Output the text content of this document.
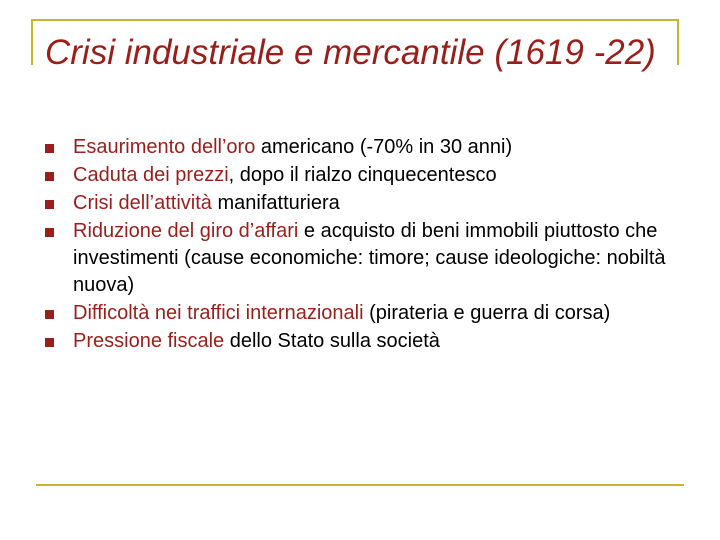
Crisi industriale e mercantile (1619 -22)
Esaurimento dell’oro americano (-70% in 30 anni)
Caduta dei prezzi, dopo il rialzo cinquecentesco
Crisi dell’attività manifatturiera
Riduzione del giro d’affari e acquisto di beni immobili piuttosto che investimenti (cause economiche: timore; cause ideologiche: nobiltà nuova)
Difficoltà nei traffici internazionali (pirateria e guerra di corsa)
Pressione fiscale dello Stato sulla società
